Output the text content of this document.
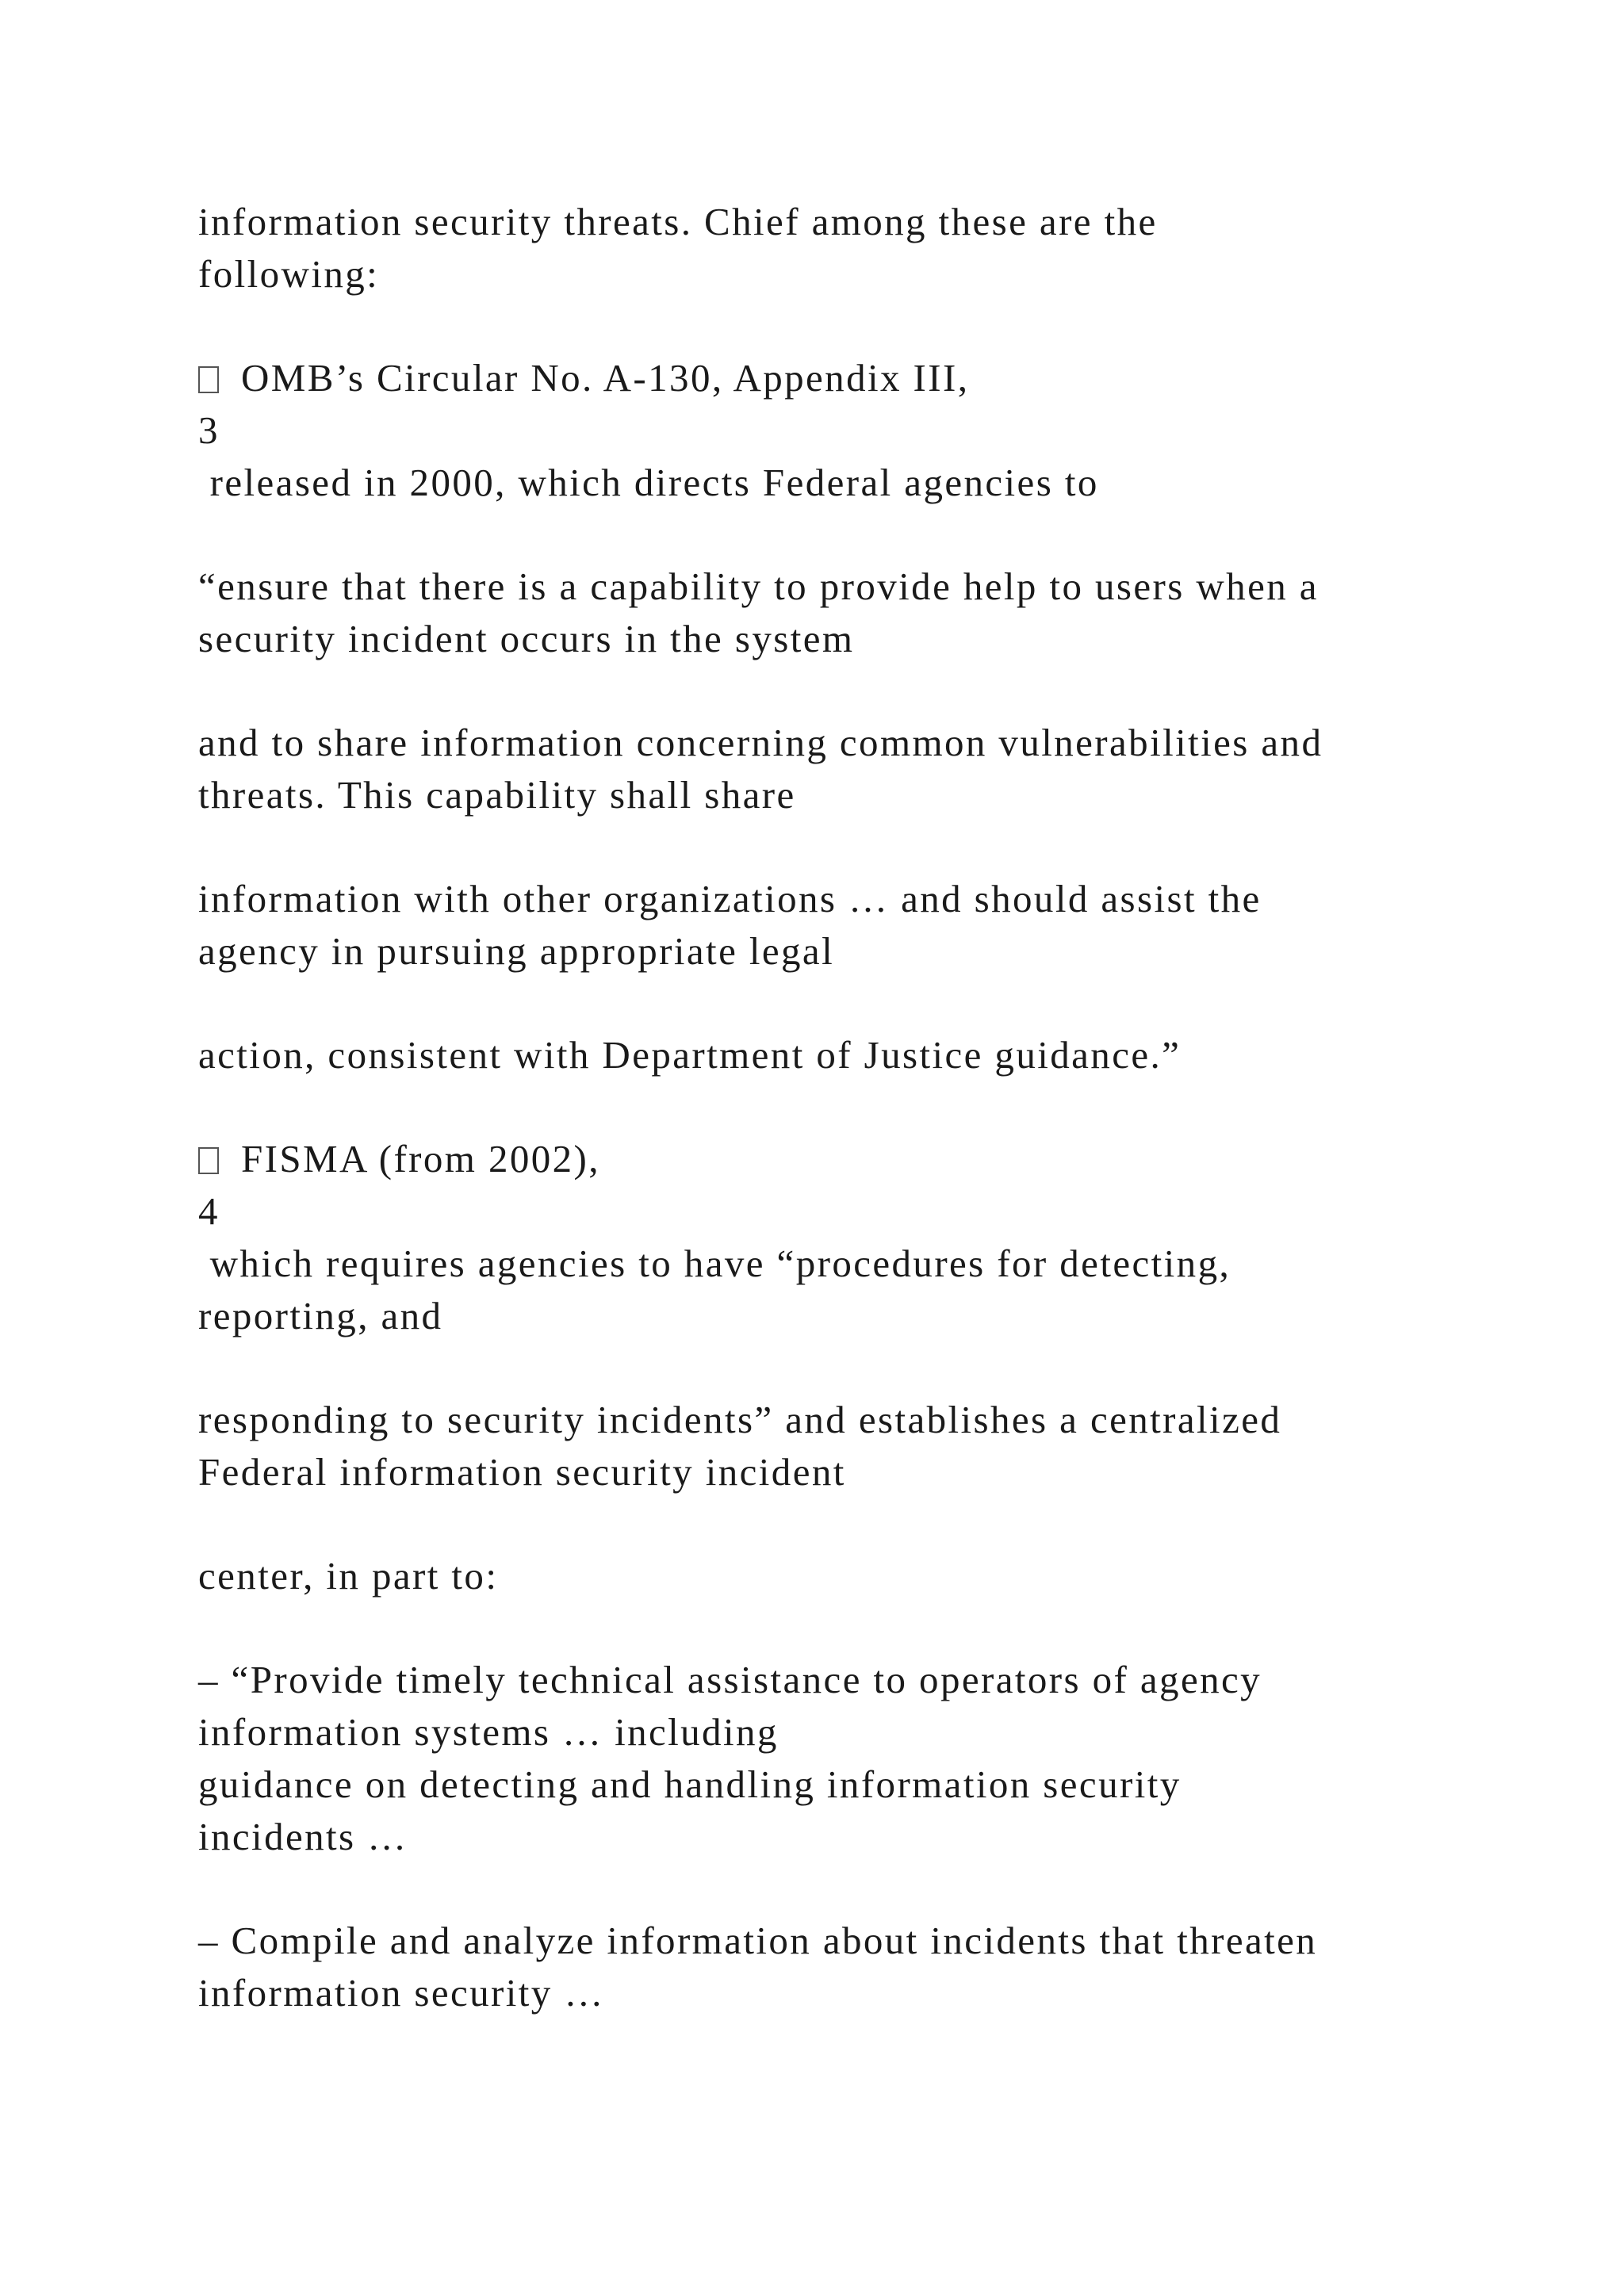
information security threats. Chief among these are the

following:

OMB’s Circular No. A-130, Appendix III,

3

released in 2000, which directs Federal agencies to

“ensure that there is a capability to provide help to users when a

security incident occurs in the system

and to share information concerning common vulnerabilities and

threats. This capability shall share

information with other organizations … and should assist the

agency in pursuing appropriate legal

action, consistent with Department of Justice guidance.”

FISMA (from 2002),

4

which requires agencies to have “procedures for detecting,

reporting, and

responding to security incidents” and establishes a centralized

Federal information security incident

center, in part to:

– “Provide timely technical assistance to operators of agency

information systems … including

guidance on detecting and handling information security

incidents …

– Compile and analyze information about incidents that threaten

information security …
